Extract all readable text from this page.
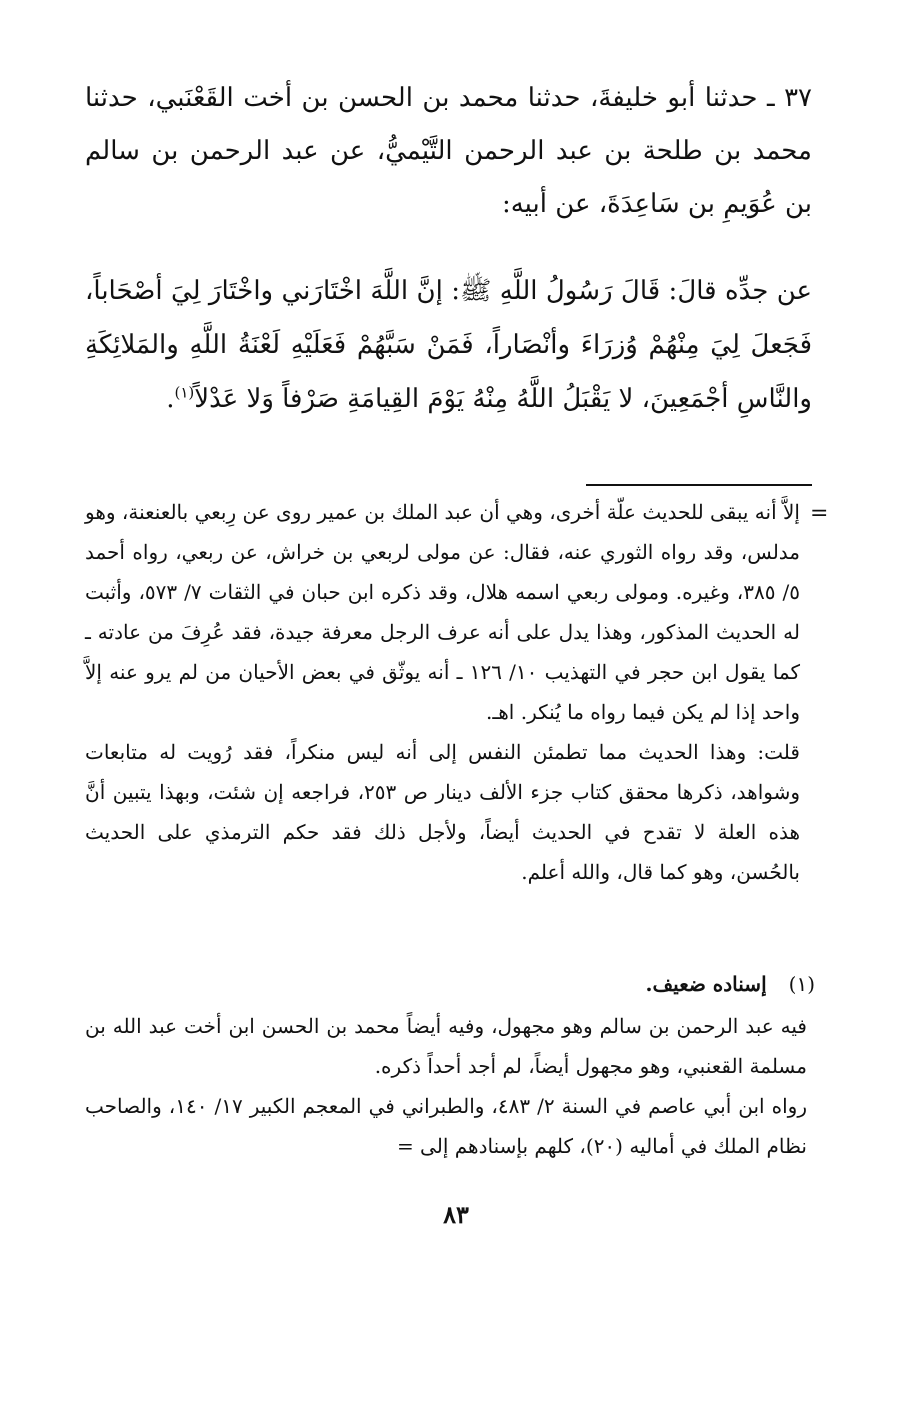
٣٧ ـ حدثنا أبو خليفةَ، حدثنا محمد بن الحسن بن أخت القَعْنَبي، حدثنا محمد بن طلحة بن عبد الرحمن التَّيْميُّ، عن عبد الرحمن بن سالم بن عُوَيمِ بن سَاعِدَةَ، عن أبيه:

عن جدِّه قالَ: قَالَ رَسُولُ اللَّهِ ﷺ: إنَّ اللَّهَ اخْتَارَني واخْتَارَ لِيَ أصْحَاباً، فَجَعلَ لِيَ مِنْهُمْ وُزرَاءَ وأنْصَاراً، فَمَنْ سَبَّهُمْ فَعَلَيْهِ لَعْنَةُ اللَّهِ والمَلائِكَةِ والنَّاسِ أجْمَعِينَ، لا يَقْبَلُ اللَّهُ مِنْهُ يَوْمَ القِيامَةِ صَرْفاً وَلا عَدْلاً$^{(١)}$.

=

إلاَّ أنه يبقى للحديث علّة أخرى، وهي أن عبد الملك بن عمير روى عن رِبعي بالعنعنة، وهو مدلس، وقد رواه الثوري عنه، فقال: عن مولى لربعي بن خراش، عن ربعي، رواه أحمد ٥/ ٣٨٥، وغيره. ومولى ربعي اسمه هلال، وقد ذكره ابن حبان في الثقات ٧/ ٥٧٣، وأثبت له الحديث المذكور، وهذا يدل على أنه عرف الرجل معرفة جيدة، فقد عُرِفَ من عادته ـ كما يقول ابن حجر في التهذيب ١٠/ ١٢٦ ـ أنه يوثّق في بعض الأحيان من لم يرو عنه إلاَّ واحد إذا لم يكن فيما رواه ما يُنكر. اهـ.

قلت: وهذا الحديث مما تطمئن النفس إلى أنه ليس منكراً، فقد رُويت له متابعات وشواهد، ذكرها محقق كتاب جزء الألف دينار ص ٢٥٣، فراجعه إن شئت، وبهذا يتبين أنَّ هذه العلة لا تقدح في الحديث أيضاً، ولأجل ذلك فقد حكم الترمذي على الحديث بالحُسن، وهو كما قال، والله أعلم.

(١)إسناده ضعيف.

فيه عبد الرحمن بن سالم وهو مجهول، وفيه أيضاً محمد بن الحسن ابن أخت عبد الله بن مسلمة القعنبي، وهو مجهول أيضاً، لم أجد أحداً ذكره.

رواه ابن أبي عاصم في السنة ٢/ ٤٨٣، والطبراني في المعجم الكبير ١٧/ ١٤٠، والصاحب نظام الملك في أماليه (٢٠)، كلهم بإسنادهم إلى =

٨٣
